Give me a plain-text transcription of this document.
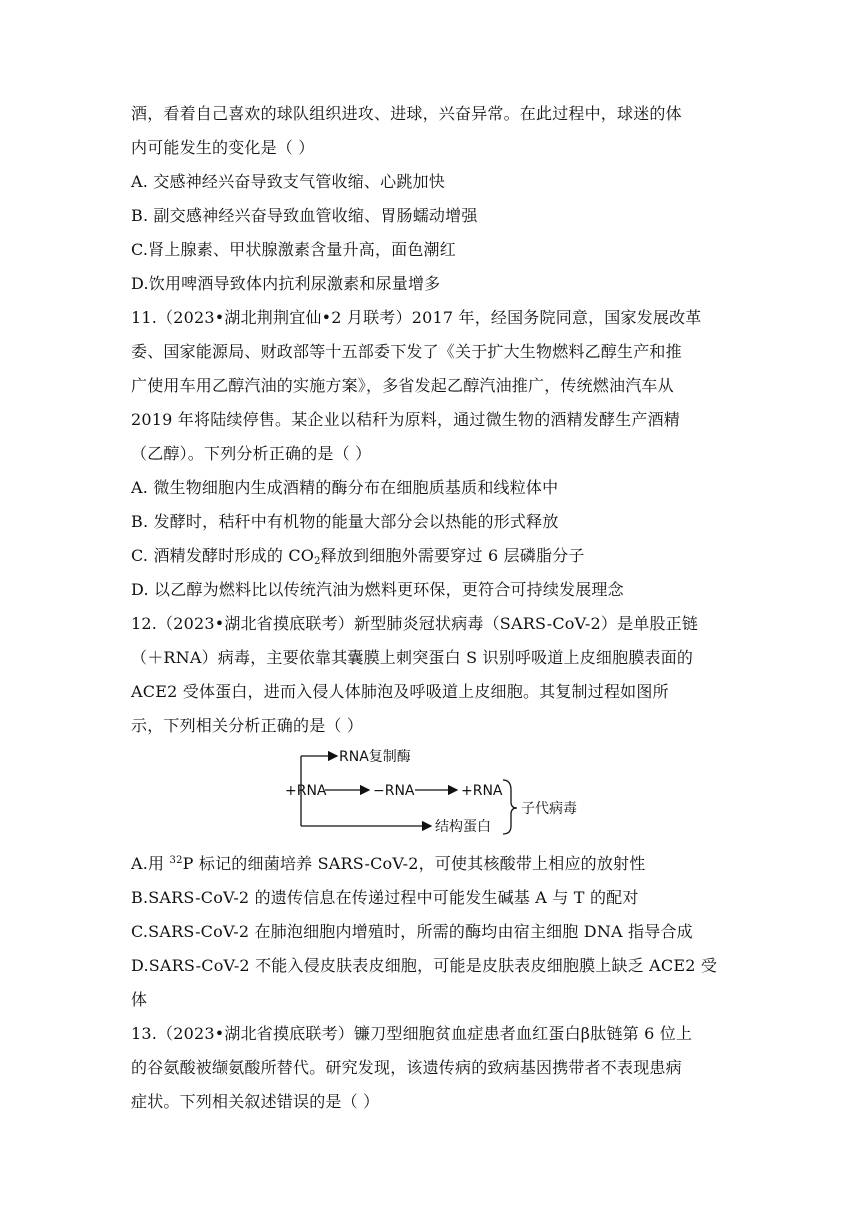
酒，看着自己喜欢的球队组织进攻、进球，兴奋异常。在此过程中，球迷的体
内可能发生的变化是（ ）
A. 交感神经兴奋导致支气管收缩、心跳加快
B. 副交感神经兴奋导致血管收缩、胃肠蠕动增强
C.肾上腺素、甲状腺激素含量升高，面色潮红
D.饮用啤酒导致体内抗利尿激素和尿量增多
11.（2023•湖北荆荆宜仙•2 月联考）2017 年，经国务院同意，国家发展改革
委、国家能源局、财政部等十五部委下发了《关于扩大生物燃料乙醇生产和推
广使用车用乙醇汽油的实施方案》，多省发起乙醇汽油推广，传统燃油汽车从
2019 年将陆续停售。某企业以秸秆为原料，通过微生物的酒精发酵生产酒精
（乙醇）。下列分析正确的是（ ）
A. 微生物细胞内生成酒精的酶分布在细胞质基质和线粒体中
B. 发酵时，秸秆中有机物的能量大部分会以热能的形式释放
C. 酒精发酵时形成的 $CO_2$释放到细胞外需要穿过 6 层磷脂分子
D. 以乙醇为燃料比以传统汽油为燃料更环保，更符合可持续发展理念
12.（2023•湖北省摸底联考）新型肺炎冠状病毒（SARS-CoV-2）是单股正链
（＋RNA）病毒，主要依靠其囊膜上刺突蛋白 S 识别呼吸道上皮细胞膜表面的
ACE2 受体蛋白，进而入侵人体肺泡及呼吸道上皮细胞。其复制过程如图所
示，下列相关分析正确的是（ ）
RNA复制酶
+RNA	−RNA	+RNA
结构蛋白
子代病毒
A.用 $^{32}$P 标记的细菌培养 SARS-CoV-2，可使其核酸带上相应的放射性
B.SARS-CoV-2 的遗传信息在传递过程中可能发生碱基 A 与 T 的配对
C.SARS-CoV-2 在肺泡细胞内增殖时，所需的酶均由宿主细胞 DNA 指导合成
D.SARS-CoV-2 不能入侵皮肤表皮细胞，可能是皮肤表皮细胞膜上缺乏 ACE2 受
体
13.（2023•湖北省摸底联考）镰刀型细胞贫血症患者血红蛋白β肽链第 6 位上
的谷氨酸被缬氨酸所替代。研究发现，该遗传病的致病基因携带者不表现患病
症状。下列相关叙述错误的是（ ）
